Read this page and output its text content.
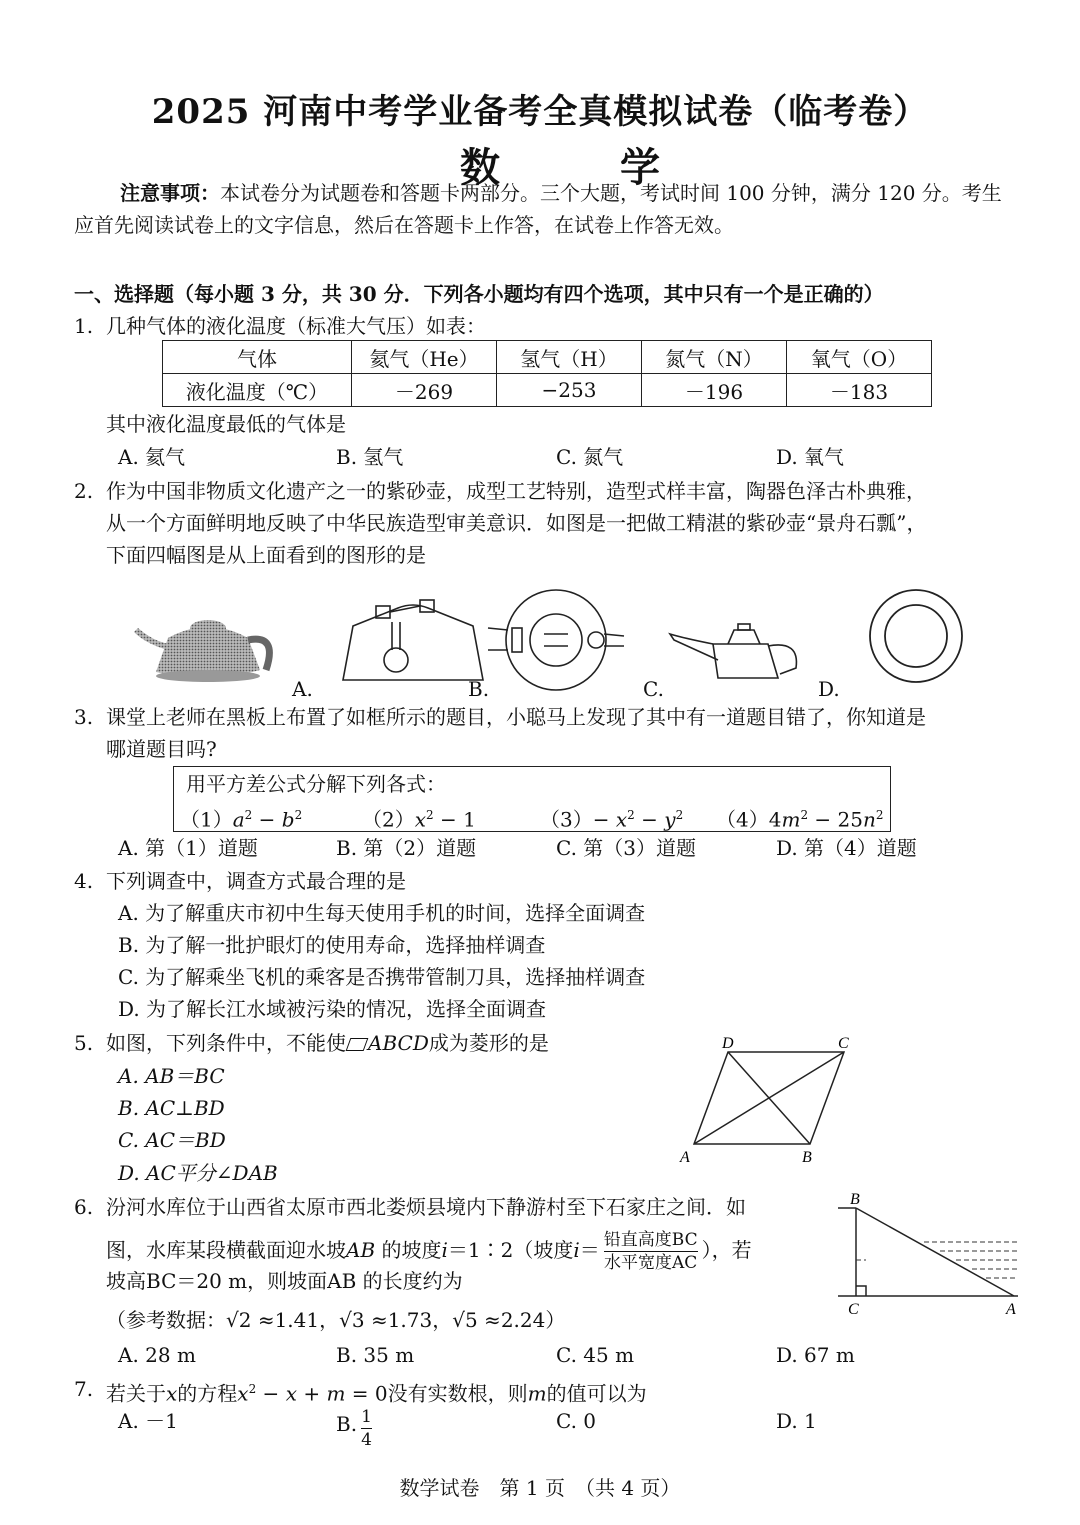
2025 河南中考学业备考全真模拟试卷（临考卷）
数　学
注意事项：本试卷分为试题卷和答题卡两部分。三个大题，考试时间 100 分钟，满分 120 分。考生
应首先阅读试卷上的文字信息，然后在答题卡上作答，在试卷上作答无效。
一、选择题（每小题 3 分，共 30 分．下列各小题均有四个选项，其中只有一个是正确的）
1. 几种气体的液化温度（标准大气压）如表：
气体	氦气（He）	氢气（H）	氮气（N）	氧气（O）
液化温度（℃）	－269	−253	－196	－183
其中液化温度最低的气体是
A. 氦气	B. 氢气	C. 氮气	D. 氧气
2. 作为中国非物质文化遗产之一的紫砂壶，成型工艺特别，造型式样丰富，陶器色泽古朴典雅，
从一个方面鲜明地反映了中华民族造型审美意识．如图是一把做工精湛的紫砂壶“景舟石瓢”，
下面四幅图是从上面看到的图形的是
A.	B.	C.	D.
3. 课堂上老师在黑板上布置了如框所示的题目，小聪马上发现了其中有一道题目错了，你知道是
哪道题目吗?
用平方差公式分解下列各式：
$(1)a^2 - b^2$	$(2)x^2 - 1$	$(3)- x^2 - y^2$ $(4)4m^2 - 25n^2$
A. 第（1）道题	B. 第（2）道题	C. 第（3）道题	D. 第（4）道题
4. 下列调查中，调查方式最合理的是
A. 为了解重庆市初中生每天使用手机的时间，选择全面调查
B. 为了解一批护眼灯的使用寿命，选择抽样调查
C. 为了解乘坐飞机的乘客是否携带管制刀具，选择抽样调查
D. 为了解长江水域被污染的情况，选择全面调查
5. 如图，下列条件中，不能使 ABCD成为菱形的是
A. AB＝BC
B. AC⊥BD
C. AC＝BD
D. AC平分∠DAB
D	C
A	B
6. 汾河水库位于山西省太原市西北娄烦县境内下静游村至下石家庄之间．如
图，水库某段横截面迎水坡AB 的坡度i＝1∶2（坡度$i= \frac{\text{铅直高度BC}}{\text{水平宽度AC}}$ ），若
坡高BC＝20 m，则坡面AB 的长度约为
（参考数据：√2 ≈1.41，√3 ≈1.73，√5 ≈2.24）
A. 28 m	B. 35 m	C. 45 m	D. 67 m
B
C	A
7. 若关于x的方程$x^2 - x + m = 0$没有实数根，则m的值可以为
A. －1	B. $\frac{1}{4}$	C. 0	D. 1
数学试卷　第 1 页　（共 4 页）
